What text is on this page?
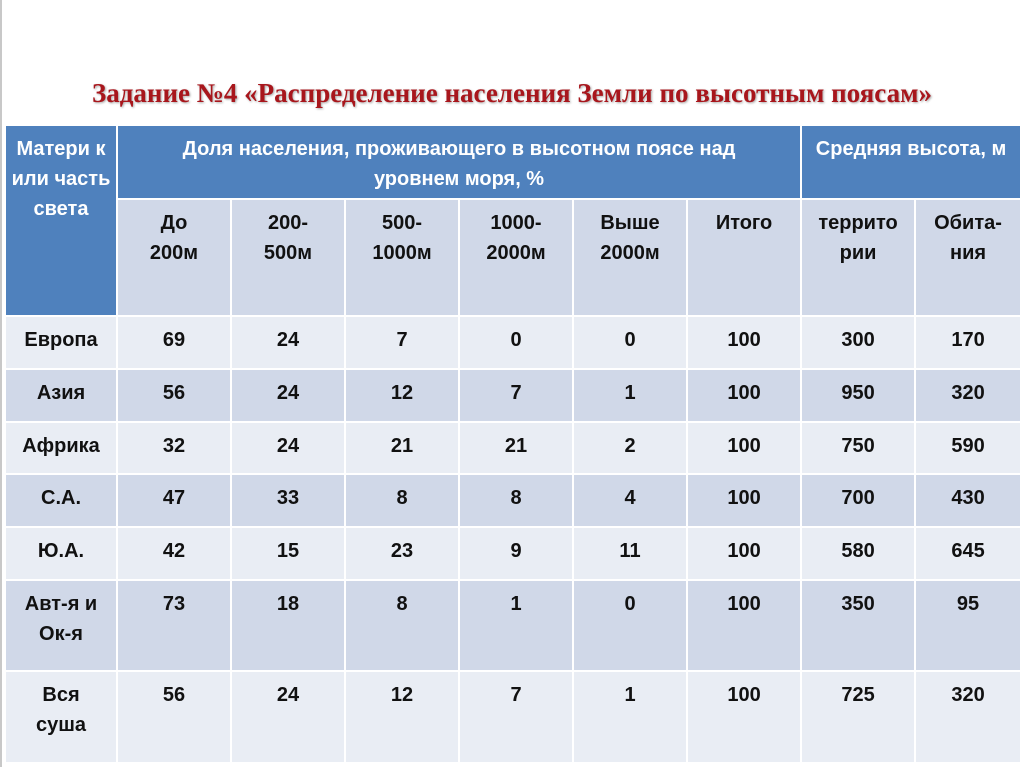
Задание №4 «Распределение населения Земли по высотным поясам»
Матери к или часть света	Доля населения, проживающего в высотном поясе над уровнем моря, %						Средняя высота, м	
	До 200м	200-500м	500-1000м	1000-2000м	Выше 2000м	Итого	террито рии	Обита-ния
Европа	69	24	7	0	0	100	300	170
Азия	56	24	12	7	1	100	950	320
Африка	32	24	21	21	2	100	750	590
С.А.	47	33	8	8	4	100	700	430
Ю.А.	42	15	23	9	11	100	580	645
Авт-я и Ок-я	73	18	8	1	0	100	350	95
Вся суша	56	24	12	7	1	100	725	320
